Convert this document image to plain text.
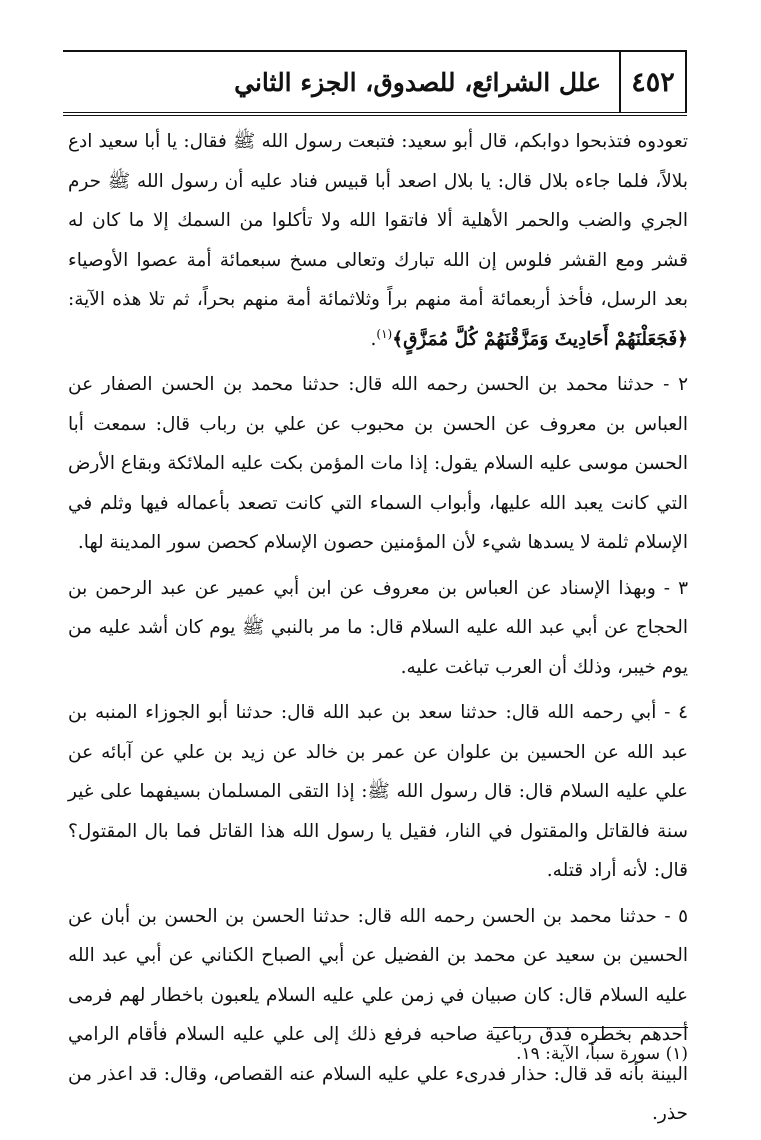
٤٥٢
علل الشرائع، للصدوق، الجزء الثاني

تعودوه فتذبحوا دوابكم، قال أبو سعيد: فتبعت رسول الله ﷺ فقال: يا أبا سعيد ادع بلالاً، فلما جاءه بلال قال: يا بلال اصعد أبا قبيس فناد عليه أن رسول الله ﷺ حرم الجري والضب والحمر الأهلية ألا فاتقوا الله ولا تأكلوا من السمك إلا ما كان له قشر ومع القشر فلوس إن الله تبارك وتعالى مسخ سبعمائة أمة عصوا الأوصياء بعد الرسل، فأخذ أربعمائة أمة منهم براً وثلاثمائة أمة منهم بحراً، ثم تلا هذه الآية: ﴿فَجَعَلْنَهُمْ أَحَادِيثَ وَمَزَّقْنَهُمْ كُلَّ مُمَزَّقٍ﴾$^{(١)}$.

٢ - حدثنا محمد بن الحسن رحمه الله قال: حدثنا محمد بن الحسن الصفار عن العباس بن معروف عن الحسن بن محبوب عن علي بن رباب قال: سمعت أبا الحسن موسى عليه السلام يقول: إذا مات المؤمن بكت عليه الملائكة وبقاع الأرض التي كانت يعبد الله عليها، وأبواب السماء التي كانت تصعد بأعماله فيها وثلم في الإسلام ثلمة لا يسدها شيء لأن المؤمنين حصون الإسلام كحصن سور المدينة لها.

٣ - وبهذا الإسناد عن العباس بن معروف عن ابن أبي عمير عن عبد الرحمن بن الحجاج عن أبي عبد الله عليه السلام قال: ما مر بالنبي ﷺ يوم كان أشد عليه من يوم خيبر، وذلك أن العرب تباغت عليه.

٤ - أبي رحمه الله قال: حدثنا سعد بن عبد الله قال: حدثنا أبو الجوزاء المنبه بن عبد الله عن الحسين بن علوان عن عمر بن خالد عن زيد بن علي عن آبائه عن علي عليه السلام قال: قال رسول الله ﷺ: إذا التقى المسلمان بسيفهما على غير سنة فالقاتل والمقتول في النار، فقيل يا رسول الله هذا القاتل فما بال المقتول؟ قال: لأنه أراد قتله.

٥ - حدثنا محمد بن الحسن رحمه الله قال: حدثنا الحسن بن الحسن بن أبان عن الحسين بن سعيد عن محمد بن الفضيل عن أبي الصباح الكناني عن أبي عبد الله عليه السلام قال: كان صبيان في زمن علي عليه السلام يلعبون باخطار لهم فرمى أحدهم بخطره فدق رباعية صاحبه فرفع ذلك إلى علي عليه السلام فأقام الرامي البينة بأنه قد قال: حذار فدرىء علي عليه السلام عنه القصاص، وقال: قد اعذر من حذر.

(١) سورة سبأ، الآية: ١٩.
